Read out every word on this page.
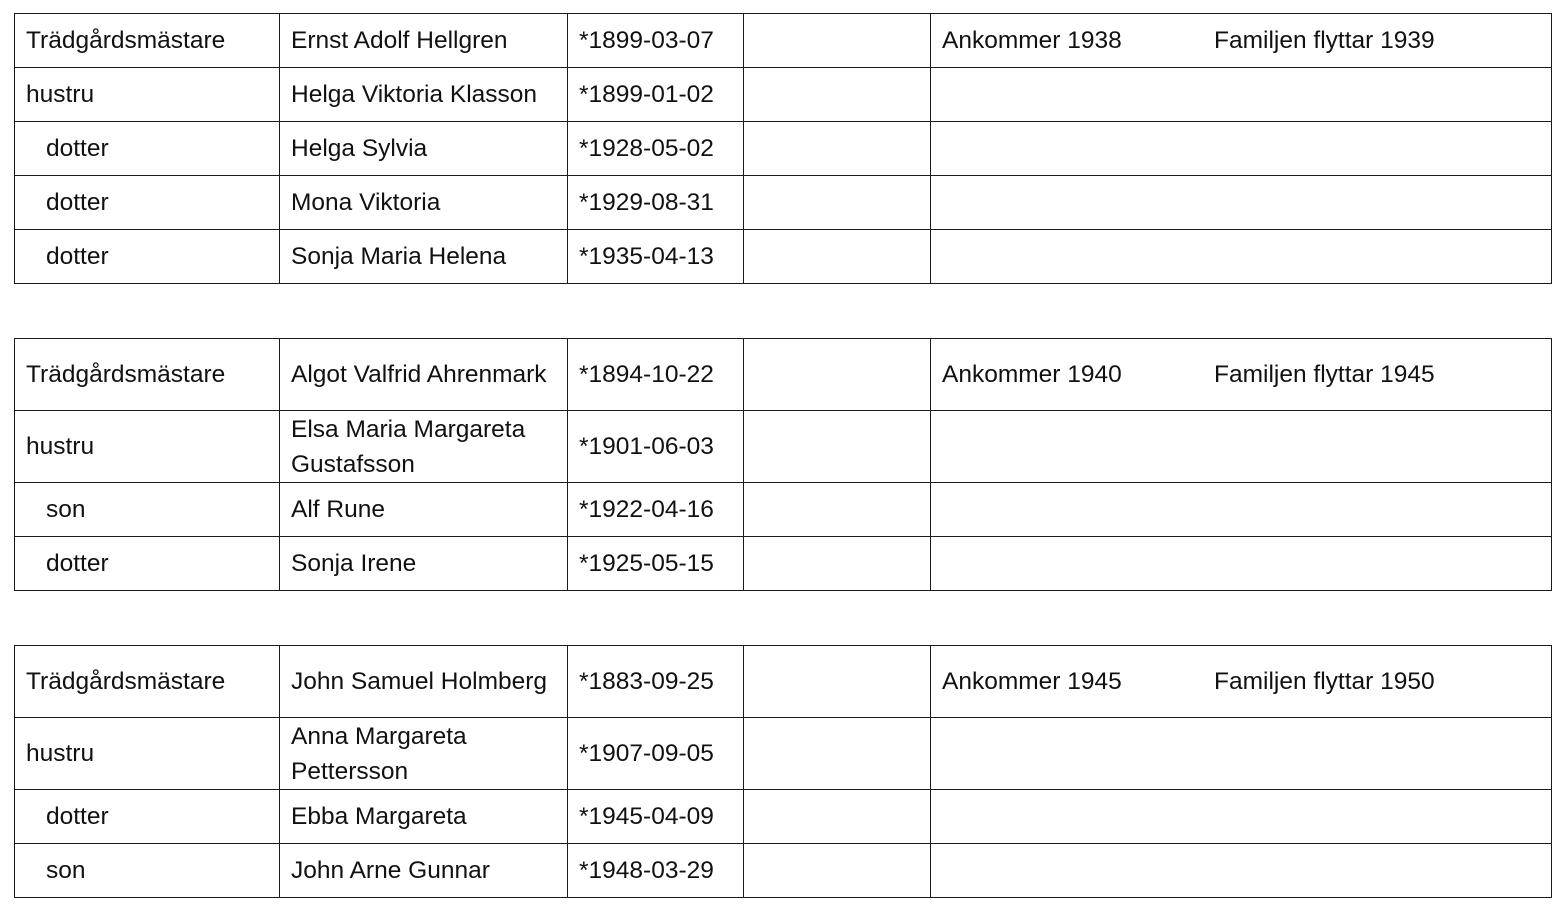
Trädgårdsmästare	Ernst Adolf Hellgren	*1899-03-07		Ankommer 1938 Familjen flyttar 1939
hustru	Helga Viktoria Klasson	*1899-01-02		
dotter	Helga Sylvia	*1928-05-02		
dotter	Mona Viktoria	*1929-08-31		
dotter	Sonja Maria Helena	*1935-04-13		
Trädgårdsmästare	Algot Valfrid Ahrenmark	*1894-10-22		Ankommer 1940 Familjen flyttar 1945
hustru	Elsa Maria Margareta Gustafsson	*1901-06-03		
son	Alf Rune	*1922-04-16		
dotter	Sonja Irene	*1925-05-15		
Trädgårdsmästare	John Samuel Holmberg	*1883-09-25		Ankommer 1945 Familjen flyttar 1950
hustru	Anna Margareta Pettersson	*1907-09-05		
dotter	Ebba Margareta	*1945-04-09		
son	John Arne Gunnar	*1948-03-29		
